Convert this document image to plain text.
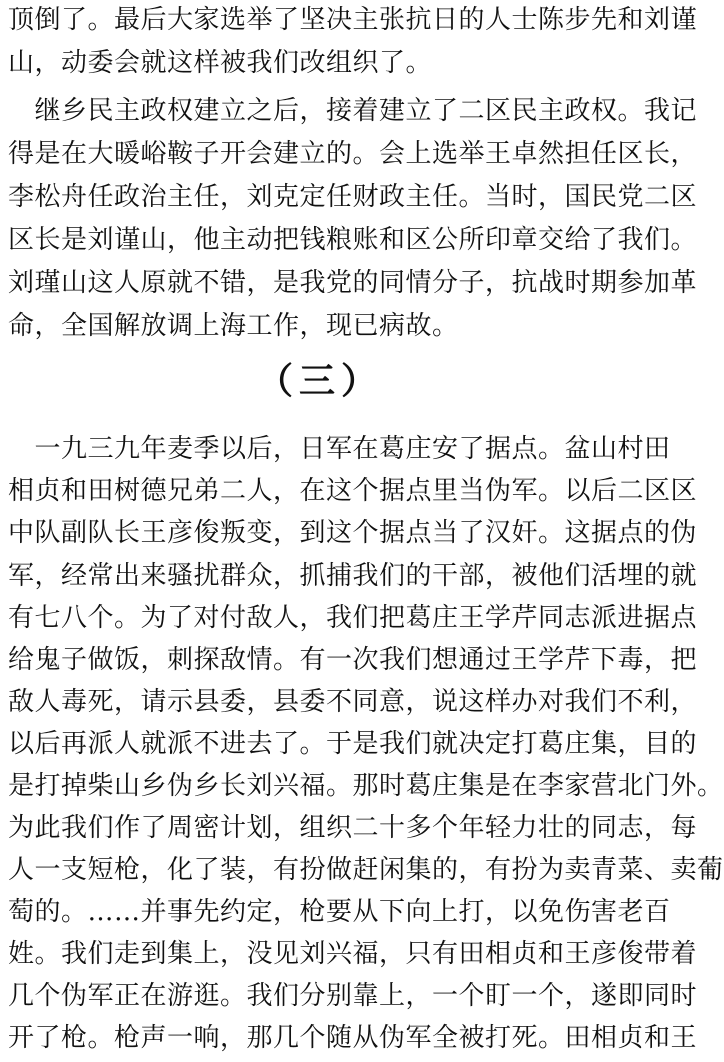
顶倒了。最后大家选举了坚决主张抗日的人士陈步先和刘谨
山，动委会就这样被我们改组织了。
　继乡民主政权建立之后，接着建立了二区民主政权。我记
得是在大暖峪鞍子开会建立的。会上选举王卓然担任区长，
李松舟任政治主任，刘克定任财政主任。当时，国民党二区
区长是刘谨山，他主动把钱粮账和区公所印章交给了我们。
刘瑾山这人原就不错，是我党的同情分子，抗战时期参加革
命，全国解放调上海工作，现已病故。
（三）
　一九三九年麦季以后，日军在葛庄安了据点。盆山村田
相贞和田树德兄弟二人，在这个据点里当伪军。以后二区区
中队副队长王彦俊叛变，到这个据点当了汉奸。这据点的伪
军，经常出来骚扰群众，抓捕我们的干部，被他们活埋的就
有七八个。为了对付敌人，我们把葛庄王学芹同志派进据点
给鬼子做饭，刺探敌情。有一次我们想通过王学芹下毒，把
敌人毒死，请示县委，县委不同意，说这样办对我们不利，
以后再派人就派不进去了。于是我们就决定打葛庄集，目的
是打掉柴山乡伪乡长刘兴福。那时葛庄集是在李家营北门外。
为此我们作了周密计划，组织二十多个年轻力壮的同志，每
人一支短枪，化了装，有扮做赶闲集的，有扮为卖青菜、卖葡
萄的。……并事先约定，枪要从下向上打，以免伤害老百
姓。我们走到集上，没见刘兴福，只有田相贞和王彦俊带着
几个伪军正在游逛。我们分别靠上，一个盯一个，遂即同时
开了枪。枪声一响，那几个随从伪军全被打死。田相贞和王
